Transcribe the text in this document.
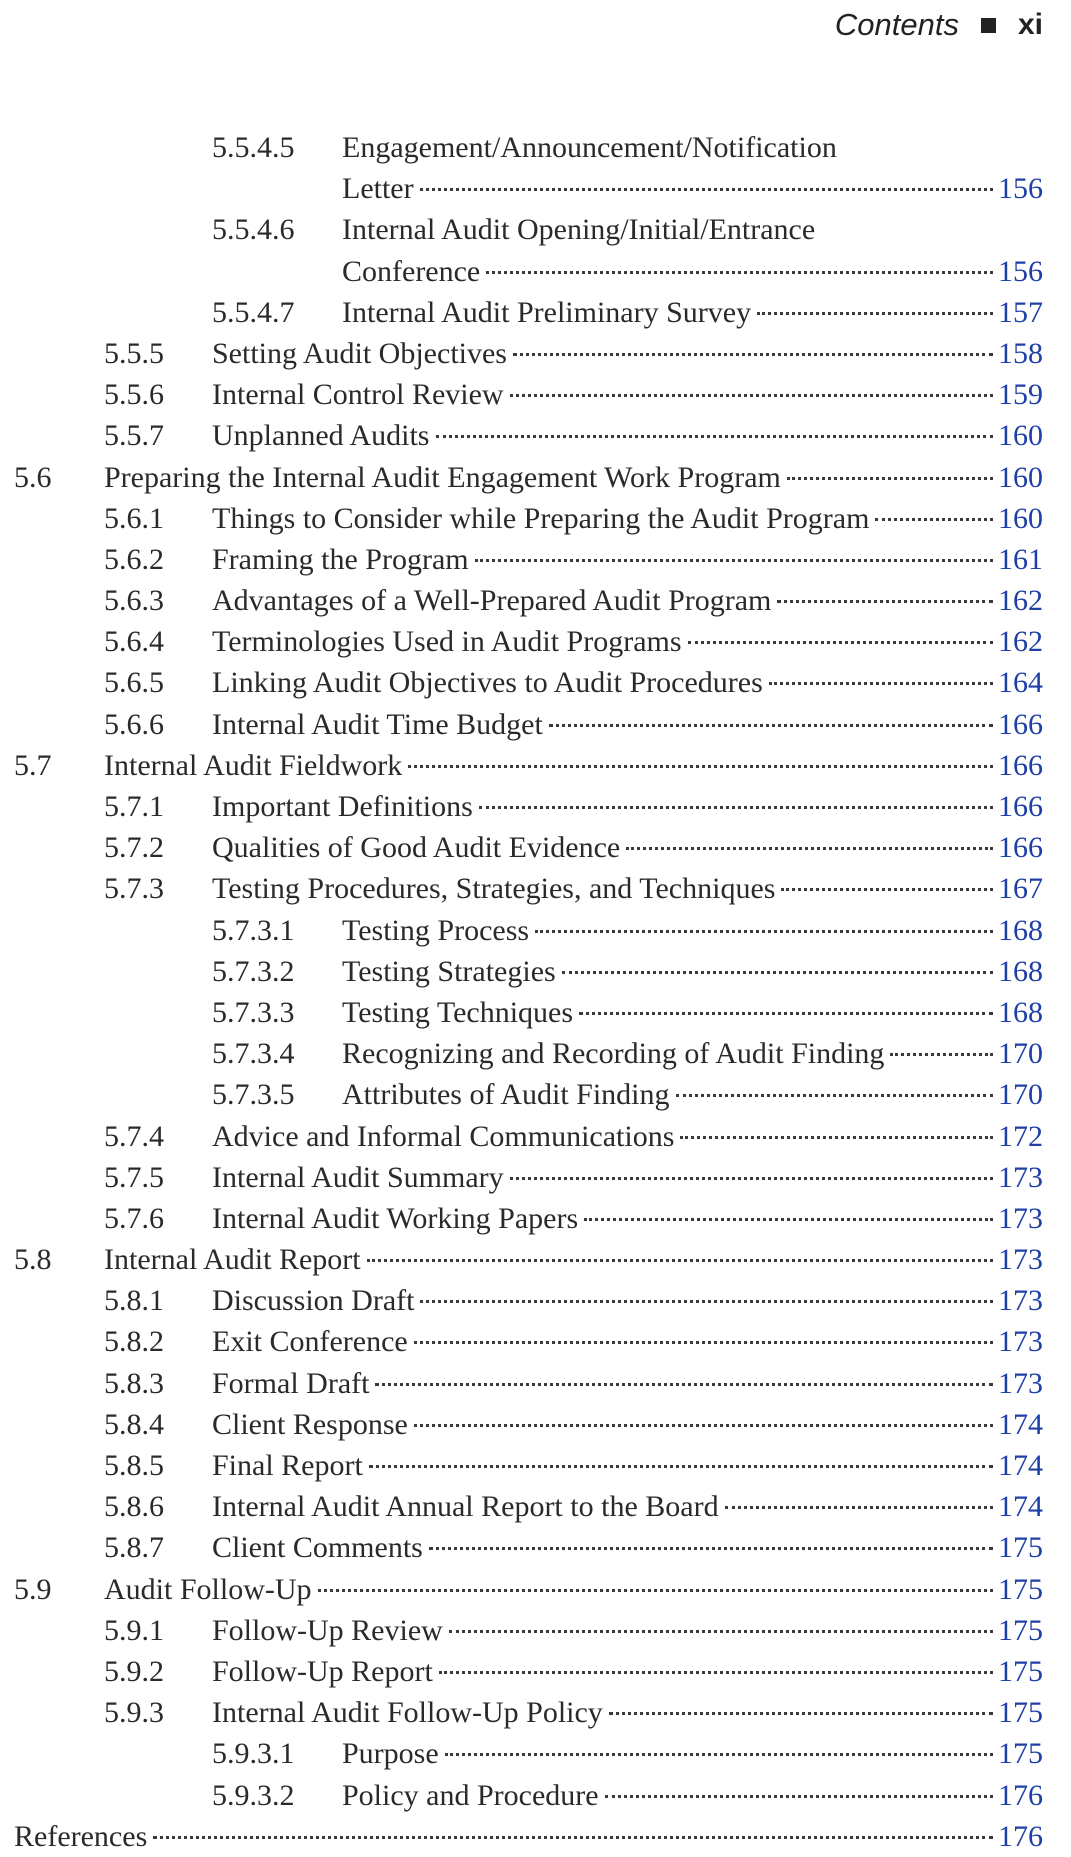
Contents xi
5.5.4.5 Engagement/Announcement/Notification
Letter	156
5.5.4.6 Internal Audit Opening/Initial/Entrance
Conference	156
5.5.4.7 Internal Audit Preliminary Survey	157
5.5.5 Setting Audit Objectives	158
5.5.6 Internal Control Review	159
5.5.7 Unplanned Audits	160
5.6 Preparing the Internal Audit Engagement Work Program	160
5.6.1 Things to Consider while Preparing the Audit Program	160
5.6.2 Framing the Program	161
5.6.3 Advantages of a Well-Prepared Audit Program	162
5.6.4 Terminologies Used in Audit Programs	162
5.6.5 Linking Audit Objectives to Audit Procedures	164
5.6.6 Internal Audit Time Budget	166
5.7 Internal Audit Fieldwork	166
5.7.1 Important Definitions	166
5.7.2 Qualities of Good Audit Evidence	166
5.7.3 Testing Procedures, Strategies, and Techniques	167
5.7.3.1 Testing Process	168
5.7.3.2 Testing Strategies	168
5.7.3.3 Testing Techniques	168
5.7.3.4 Recognizing and Recording of Audit Finding	170
5.7.3.5 Attributes of Audit Finding	170
5.7.4 Advice and Informal Communications	172
5.7.5 Internal Audit Summary	173
5.7.6 Internal Audit Working Papers	173
5.8 Internal Audit Report	173
5.8.1 Discussion Draft	173
5.8.2 Exit Conference	173
5.8.3 Formal Draft	173
5.8.4 Client Response	174
5.8.5 Final Report	174
5.8.6 Internal Audit Annual Report to the Board	174
5.8.7 Client Comments	175
5.9 Audit Follow-Up	175
5.9.1 Follow-Up Review	175
5.9.2 Follow-Up Report	175
5.9.3 Internal Audit Follow-Up Policy	175
5.9.3.1 Purpose	175
5.9.3.2 Policy and Procedure	176
References	176
